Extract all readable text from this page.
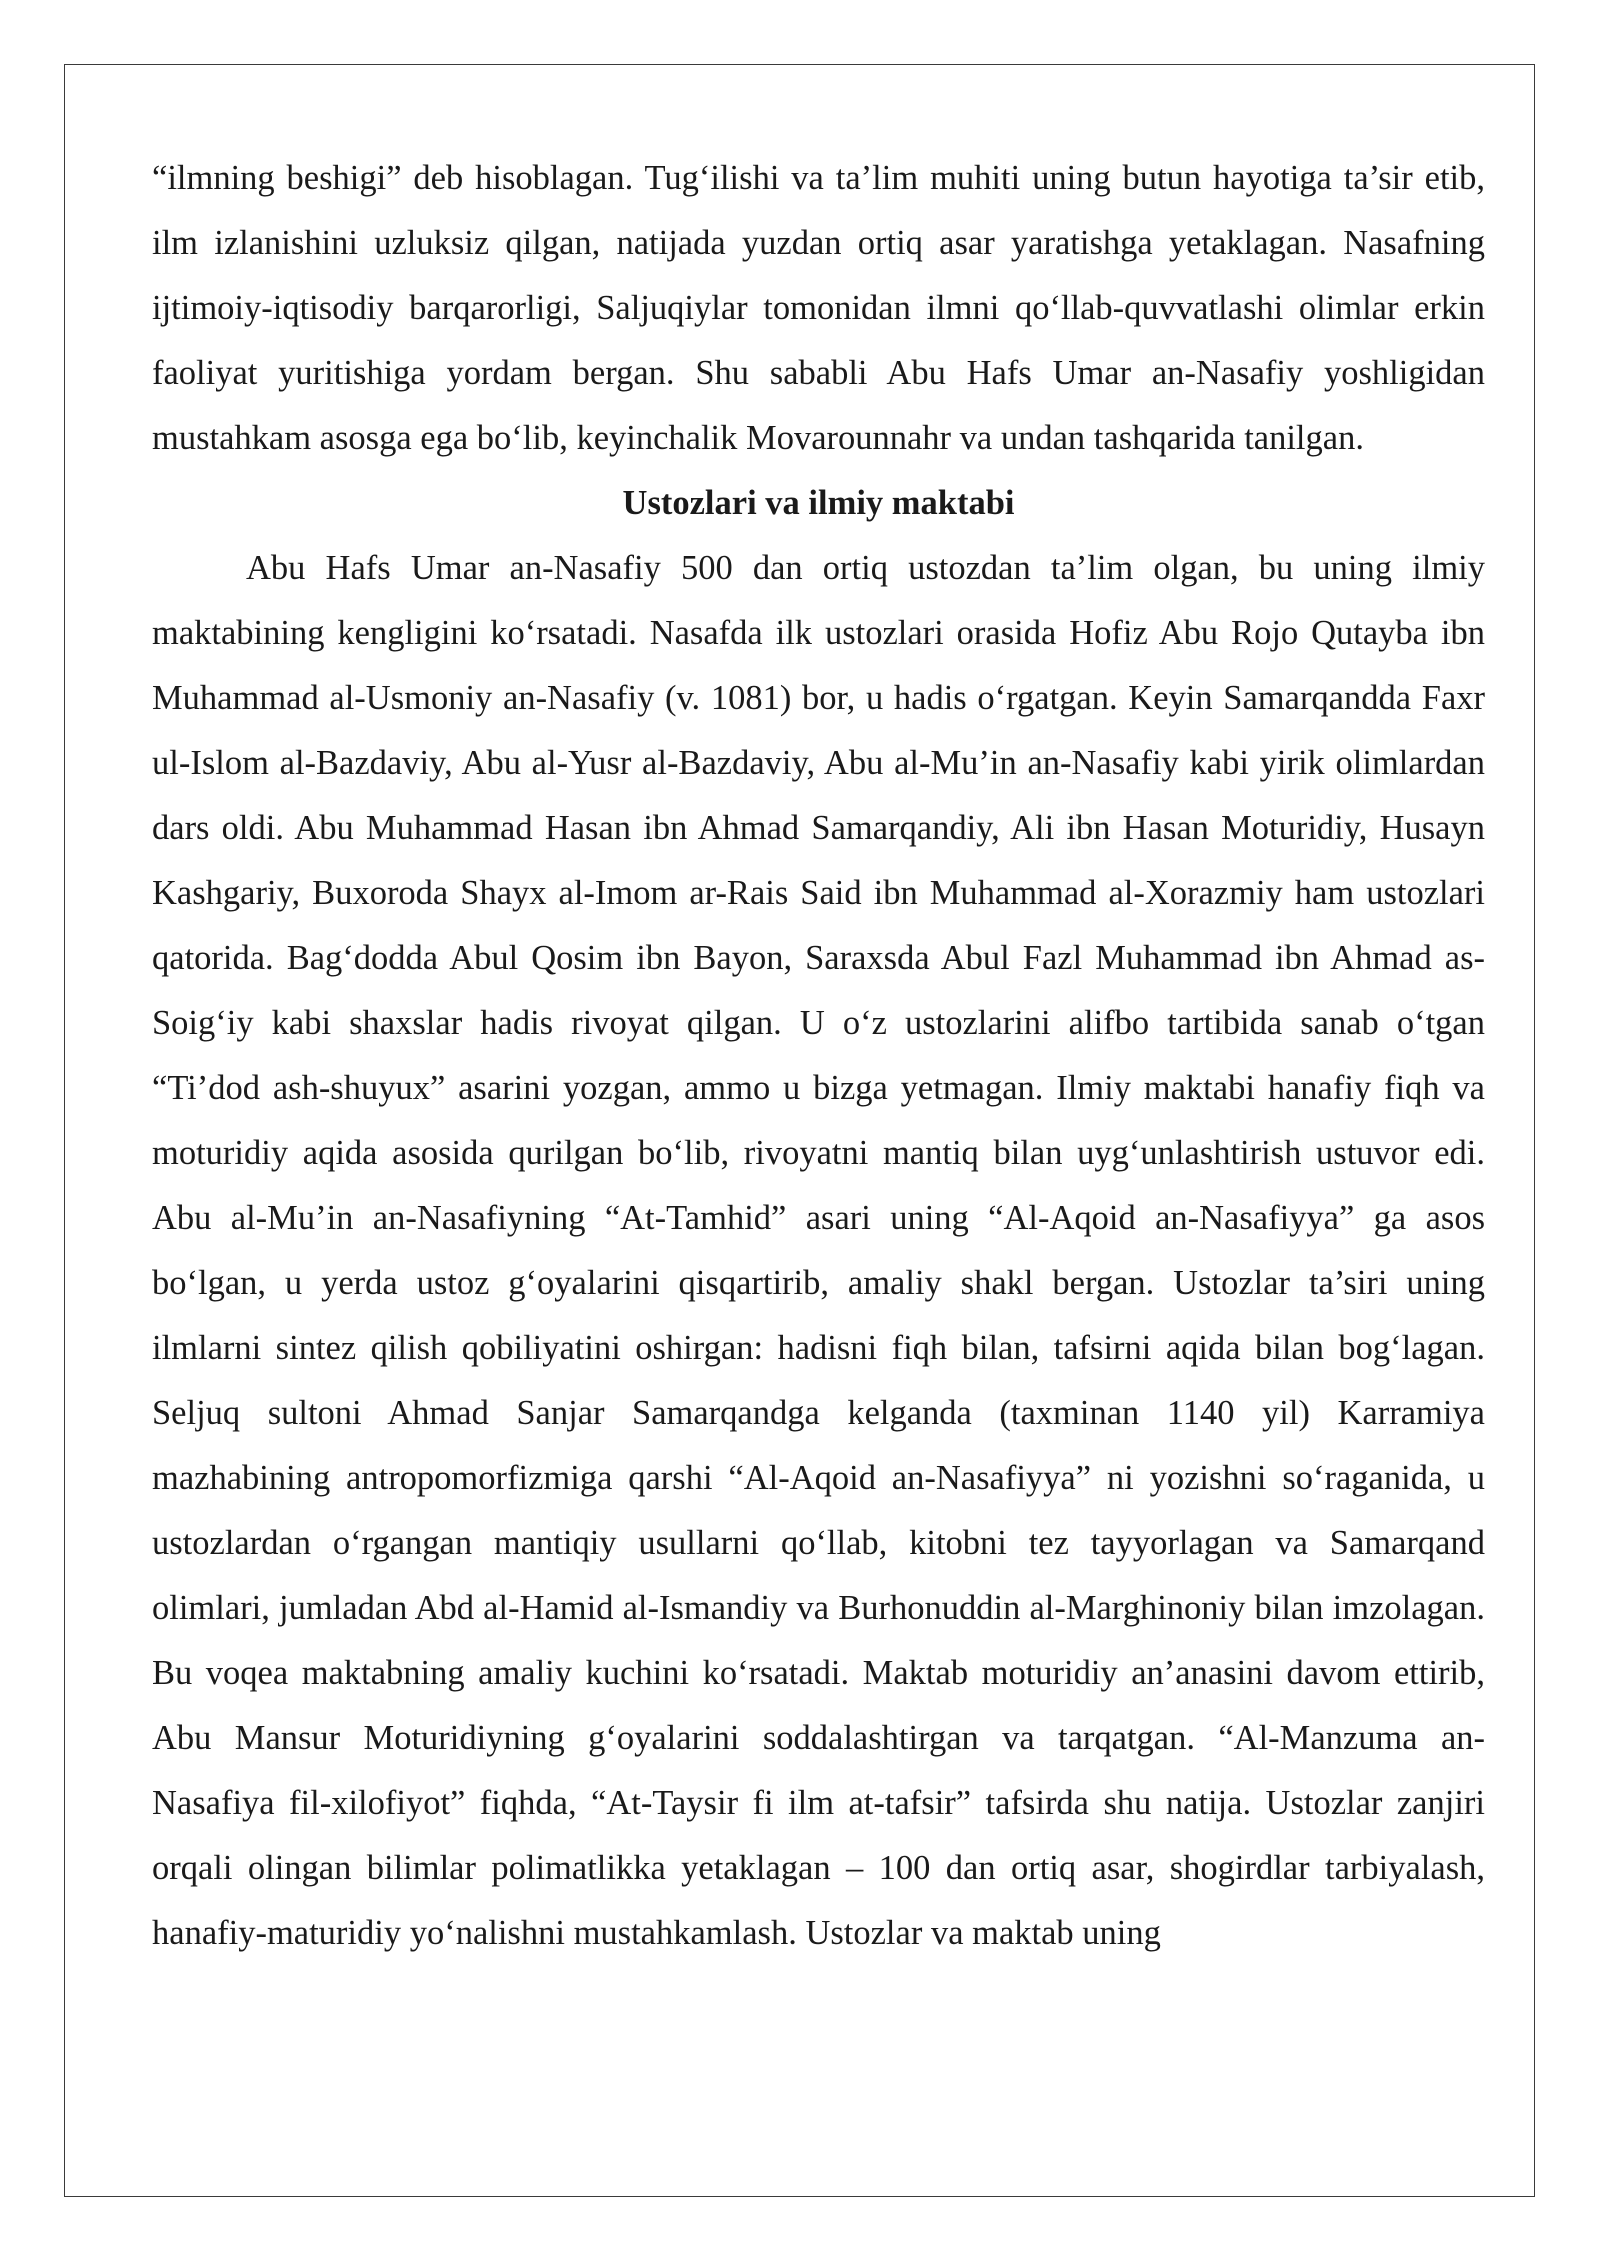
“ilmning beshigi” deb hisoblagan. Tug‘ilishi va ta’lim muhiti uning butun hayotiga ta’sir etib, ilm izlanishini uzluksiz qilgan, natijada yuzdan ortiq asar yaratishga yetaklagan. Nasafning ijtimoiy-iqtisodiy barqarorligi, Saljuqiylar tomonidan ilmni qo‘llab-quvvatlashi olimlar erkin faoliyat yuritishiga yordam bergan. Shu sababli Abu Hafs Umar an-Nasafiy yoshligidan mustahkam asosga ega bo‘lib, keyinchalik Movarounnahr va undan tashqarida tanilgan.

Ustozlari va ilmiy maktabi

Abu Hafs Umar an-Nasafiy 500 dan ortiq ustozdan ta’lim olgan, bu uning ilmiy maktabining kengligini ko‘rsatadi. Nasafda ilk ustozlari orasida Hofiz Abu Rojo Qutayba ibn Muhammad al-Usmoniy an-Nasafiy (v. 1081) bor, u hadis o‘rgatgan. Keyin Samarqandda Faxr ul-Islom al-Bazdaviy, Abu al-Yusr al-Bazdaviy, Abu al-Mu’in an-Nasafiy kabi yirik olimlardan dars oldi. Abu Muhammad Hasan ibn Ahmad Samarqandiy, Ali ibn Hasan Moturidiy, Husayn Kashgariy, Buxoroda Shayx al-Imom ar-Rais Said ibn Muhammad al-Xorazmiy ham ustozlari qatorida. Bag‘dodda Abul Qosim ibn Bayon, Saraxsda Abul Fazl Muhammad ibn Ahmad as-Soig‘iy kabi shaxslar hadis rivoyat qilgan. U o‘z ustozlarini alifbo tartibida sanab o‘tgan “Ti’dod ash-shuyux” asarini yozgan, ammo u bizga yetmagan. Ilmiy maktabi hanafiy fiqh va moturidiy aqida asosida qurilgan bo‘lib, rivoyatni mantiq bilan uyg‘unlashtirish ustuvor edi. Abu al-Mu’in an-Nasafiyning “At-Tamhid” asari uning “Al-Aqoid an-Nasafiyya” ga asos bo‘lgan, u yerda ustoz g‘oyalarini qisqartirib, amaliy shakl bergan. Ustozlar ta’siri uning ilmlarni sintez qilish qobiliyatini oshirgan: hadisni fiqh bilan, tafsirni aqida bilan bog‘lagan. Seljuq sultoni Ahmad Sanjar Samarqandga kelganda (taxminan 1140 yil) Karramiya mazhabining antropomorfizmiga qarshi “Al-Aqoid an-Nasafiyya” ni yozishni so‘raganida, u ustozlardan o‘rgangan mantiqiy usullarni qo‘llab, kitobni tez tayyorlagan va Samarqand olimlari, jumladan Abd al-Hamid al-Ismandiy va Burhonuddin al-Marghinoniy bilan imzolagan. Bu voqea maktabning amaliy kuchini ko‘rsatadi. Maktab moturidiy an’anasini davom ettirib, Abu Mansur Moturidiyning g‘oyalarini soddalashtirgan va tarqatgan. “Al-Manzuma an-Nasafiya fil-xilofiyot” fiqhda, “At-Taysir fi ilm at-tafsir” tafsirda shu natija. Ustozlar zanjiri orqali olingan bilimlar polimatlikka yetaklagan – 100 dan ortiq asar, shogirdlar tarbiyalash, hanafiy-maturidiy yo‘nalishni mustahkamlash. Ustozlar va maktab uning
